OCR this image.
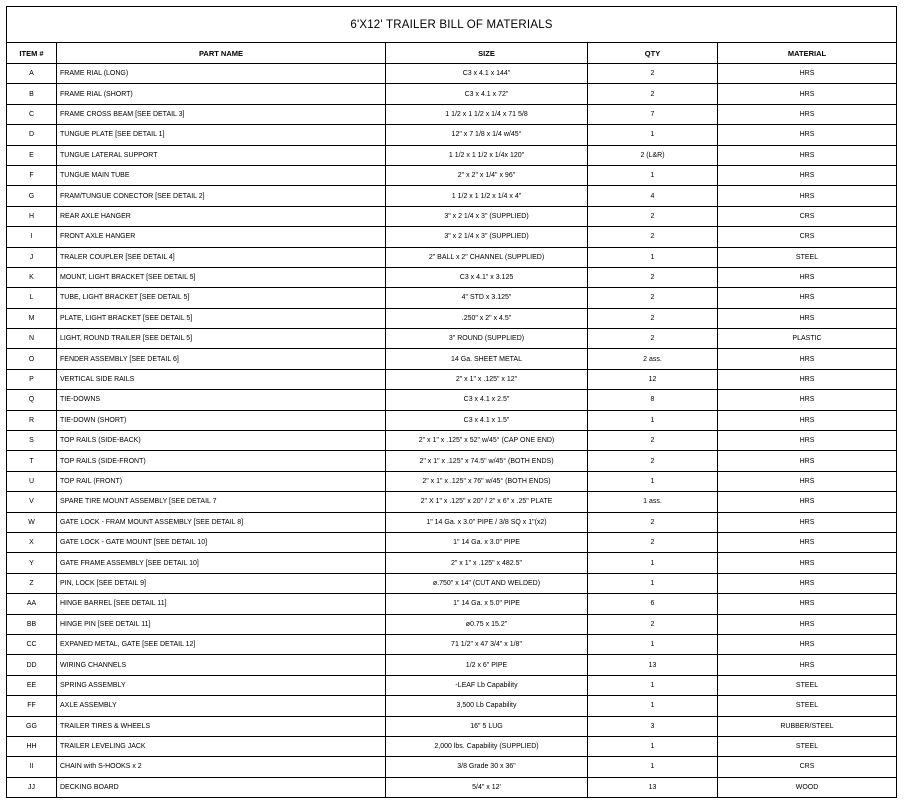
6'X12' TRAILER BILL OF MATERIALS				
ITEM #	PART NAME	SIZE	QTY	MATERIAL
A	FRAME RIAL (LONG)	C3 x 4.1 x 144"	2	HRS
B	FRAME RIAL (SHORT)	C3 x 4.1 x 72"	2	HRS
C	FRAME CROSS BEAM [SEE DETAIL 3]	1 1/2 x 1 1/2 x 1/4 x 71 5/8	7	HRS
D	TUNGUE PLATE [SEE DETAIL 1]	12" x 7 1/8 x 1/4 w/45°	1	HRS
E	TUNGUE LATERAL SUPPORT	1 1/2 x 1 1/2 x 1/4x 120"	2 (L&R)	HRS
F	TUNGUE MAIN TUBE	2" x 2" x 1/4" x 96"	1	HRS
G	FRAM/TUNGUE CONECTOR [SEE DETAIL 2]	1 1/2 x 1 1/2 x 1/4 x 4"	4	HRS
H	REAR AXLE HANGER	3" x 2 1/4 x 3" (SUPPLIED)	2	CRS
I	FRONT AXLE HANGER	3" x 2 1/4 x 3" (SUPPLIED)	2	CRS
J	TRALER COUPLER [SEE DETAIL 4]	2" BALL x 2" CHANNEL (SUPPLIED)	1	STEEL
K	MOUNT, LIGHT BRACKET [SEE DETAIL 5]	C3 x 4.1" x 3.125	2	HRS
L	TUBE, LIGHT BRACKET [SEE DETAIL 5]	4" STD x 3.125"	2	HRS
M	PLATE, LIGHT BRACKET [SEE DETAIL 5]	.250" x 2" x 4.5"	2	HRS
N	LIGHT, ROUND TRAILER [SEE DETAIL 5]	3" ROUND (SUPPLIED)	2	PLASTIC
O	FENDER ASSEMBLY [SEE DETAIL 6]	14 Ga. SHEET METAL	2 ass.	HRS
P	VERTICAL SIDE RAILS	2" x 1" x .125" x 12"	12	HRS
Q	TIE-DOWNS	C3 x 4.1 x 2.5"	8	HRS
R	TIE-DOWN (SHORT)	C3 x 4.1 x 1.5"	1	HRS
S	TOP RAILS (SIDE-BACK)	2" x 1" x .125" x 52" w/45° (CAP ONE END)	2	HRS
T	TOP RAILS (SIDE-FRONT)	2" x 1" x .125" x 74.5" w/45° (BOTH ENDS)	2	HRS
U	TOP RAIL (FRONT)	2" x 1" x .125" x 76" w/45° (BOTH ENDS)	1	HRS
V	SPARE TIRE MOUNT ASSEMBLY [SEE DETAIL 7	2" X 1" x .125" x 20" / 2" x 6" x .25" PLATE	1 ass.	HRS
W	GATE LOCK - FRAM MOUNT ASSEMBLY [SEE DETAIL 8]	1" 14 Ga. x 3.0" PIPE / 3/8 SQ x 1"(x2)	2	HRS
X	GATE LOCK - GATE MOUNT [SEE DETAIL 10]	1" 14 Ga. x 3.0" PIPE	2	HRS
Y	GATE FRAME ASSEMBLY [SEE DETAIL 10]	2" x 1" x .125" x 482.5"	1	HRS
Z	PIN, LOCK [SEE DETAIL 9]	ø.750" x 14" (CUT AND WELDED)	1	HRS
AA	HINGE BARREL [SEE DETAIL 11]	1" 14 Ga. x 5.0" PIPE	6	HRS
BB	HINGE PIN [SEE DETAIL 11]	ø0.75 x 15.2"	2	HRS
CC	EXPANED METAL, GATE [SEE DETAIL 12]	71 1/2" x 47 3/4" x 1/8"	1	HRS
DD	WIRING CHANNELS	1/2 x 6" PIPE	13	HRS
EE	SPRING ASSEMBLY	-LEAF Lb Capability	1	STEEL
FF	AXLE ASSEMBLY	3,500 Lb Capability	1	STEEL
GG	TRAILER TIRES & WHEELS	16" 5 LUG	3	RUBBER/STEEL
HH	TRAILER LEVELING JACK	2,000 lbs. Capability (SUPPLIED)	1	STEEL
II	CHAIN with S-HOOKS x 2	3/8 Grade 30 x 36"	1	CRS
JJ	DECKING BOARD	5/4" x 12'	13	WOOD
